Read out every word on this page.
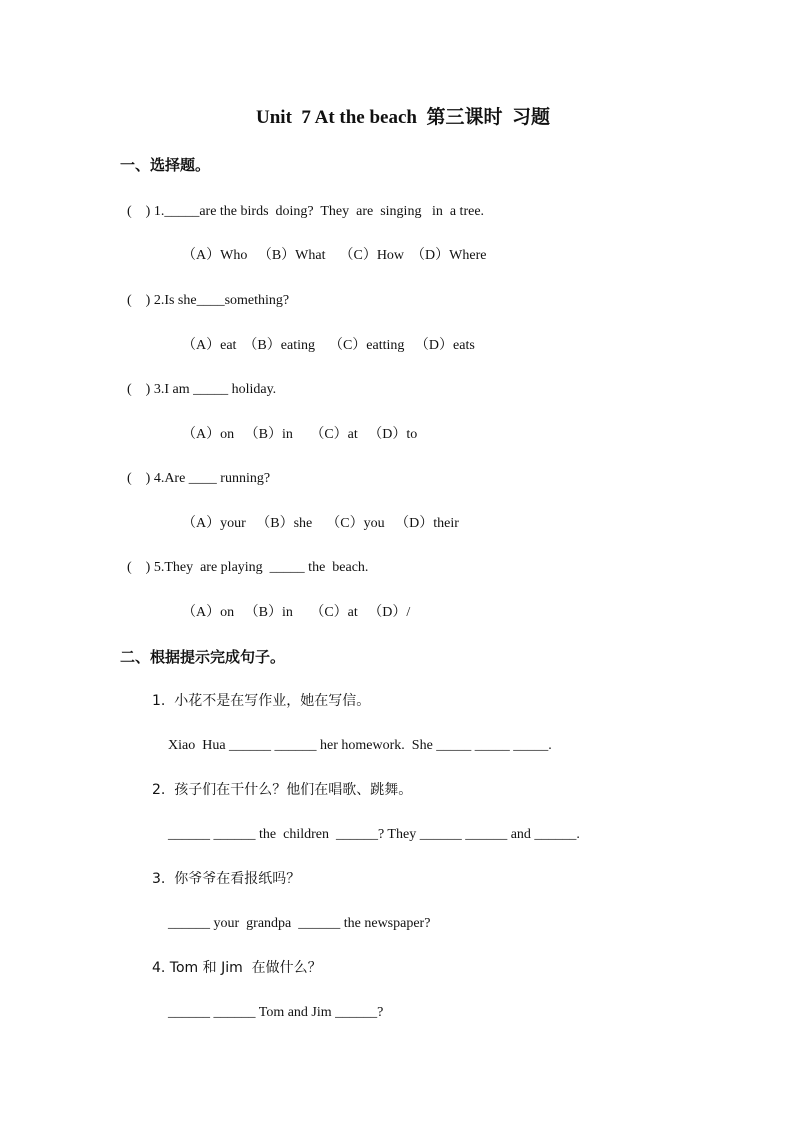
Unit  7 At the beach  第三课时  习题
一、选择题。
(    ) 1._____are the birds  doing?  They  are  singing   in  a tree.
（A）Who   （B）What    （C）How  （D）Where
(    ) 2.Is she____something?
（A）eat  （B）eating    （C）eatting   （D）eats
(    ) 3.I am _____ holiday.
（A）on   （B）in     （C）at   （D）to
(    ) 4.Are ____ running?
（A）your   （B）she    （C）you   （D）their
(    ) 5.They  are playing  _____ the  beach.
（A）on   （B）in     （C）at   （D）/
二、根据提示完成句子。
1.  小花不是在写作业，她在写信。
Xiao  Hua ______ ______ her homework.  She _____ _____ _____.
2.  孩子们在干什么？他们在唱歌、跳舞。
______ ______ the  children  ______? They ______ ______ and ______.
3.  你爷爷在看报纸吗？
______ your  grandpa  ______ the newspaper?
4. Tom 和 Jim  在做什么？
______ ______ Tom and Jim ______?
